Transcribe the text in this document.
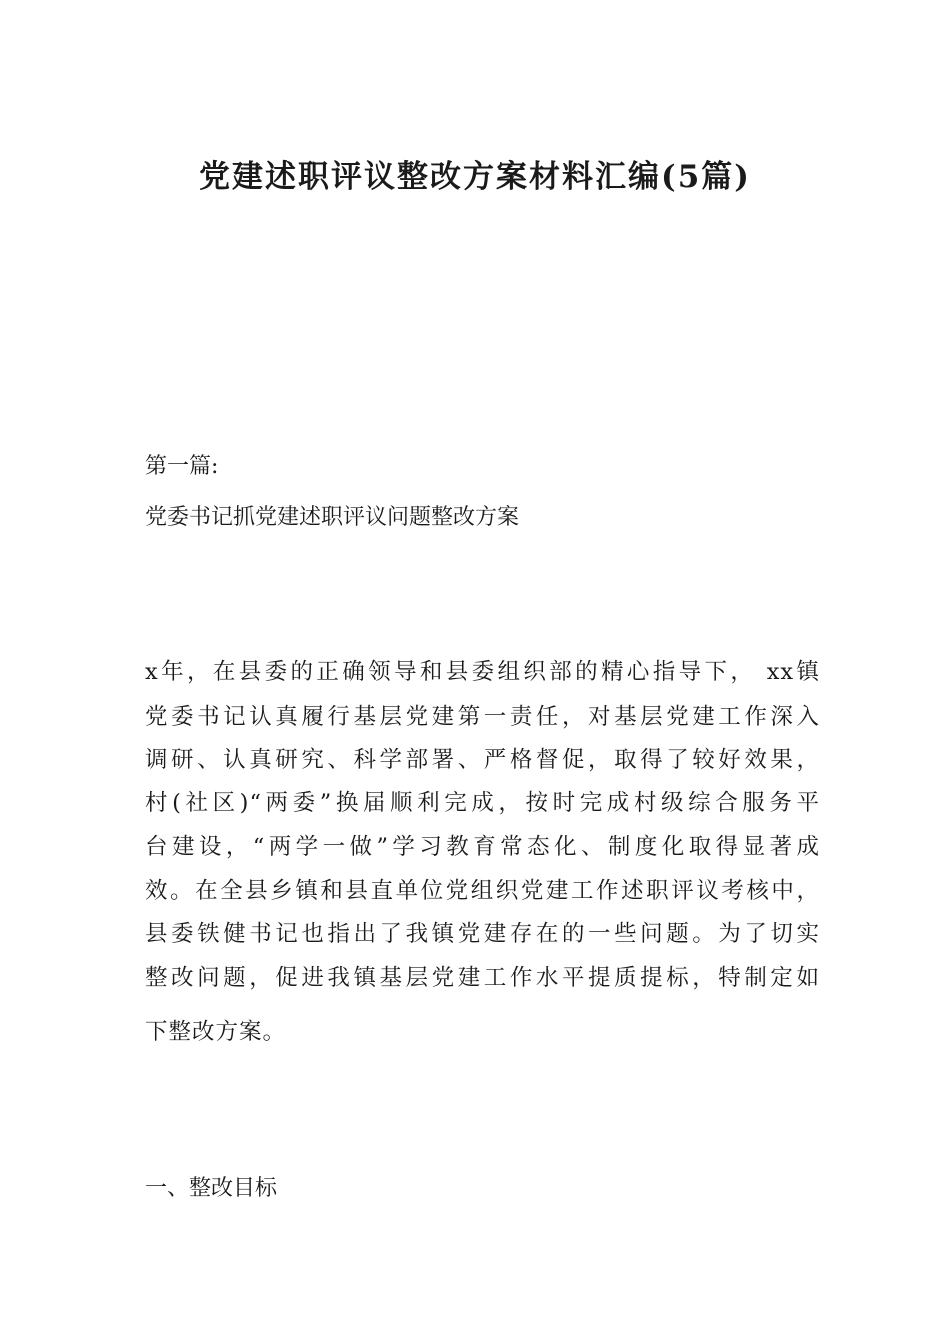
党建述职评议整改方案材料汇编(5篇)

第一篇:

党委书记抓党建述职评议问题整改方案

x年，在县委的正确领导和县委组织部的精心指导下， xx镇

党委书记认真履行基层党建第一责任，对基层党建工作深入

调研、认真研究、科学部署、严格督促，取得了较好效果，

村(社区)“两委”换届顺利完成，按时完成村级综合服务平

台建设，“两学一做”学习教育常态化、制度化取得显著成

效。在全县乡镇和县直单位党组织党建工作述职评议考核中，

县委铁健书记也指出了我镇党建存在的一些问题。为了切实

整改问题，促进我镇基层党建工作水平提质提标，特制定如

下整改方案。

一、整改目标
